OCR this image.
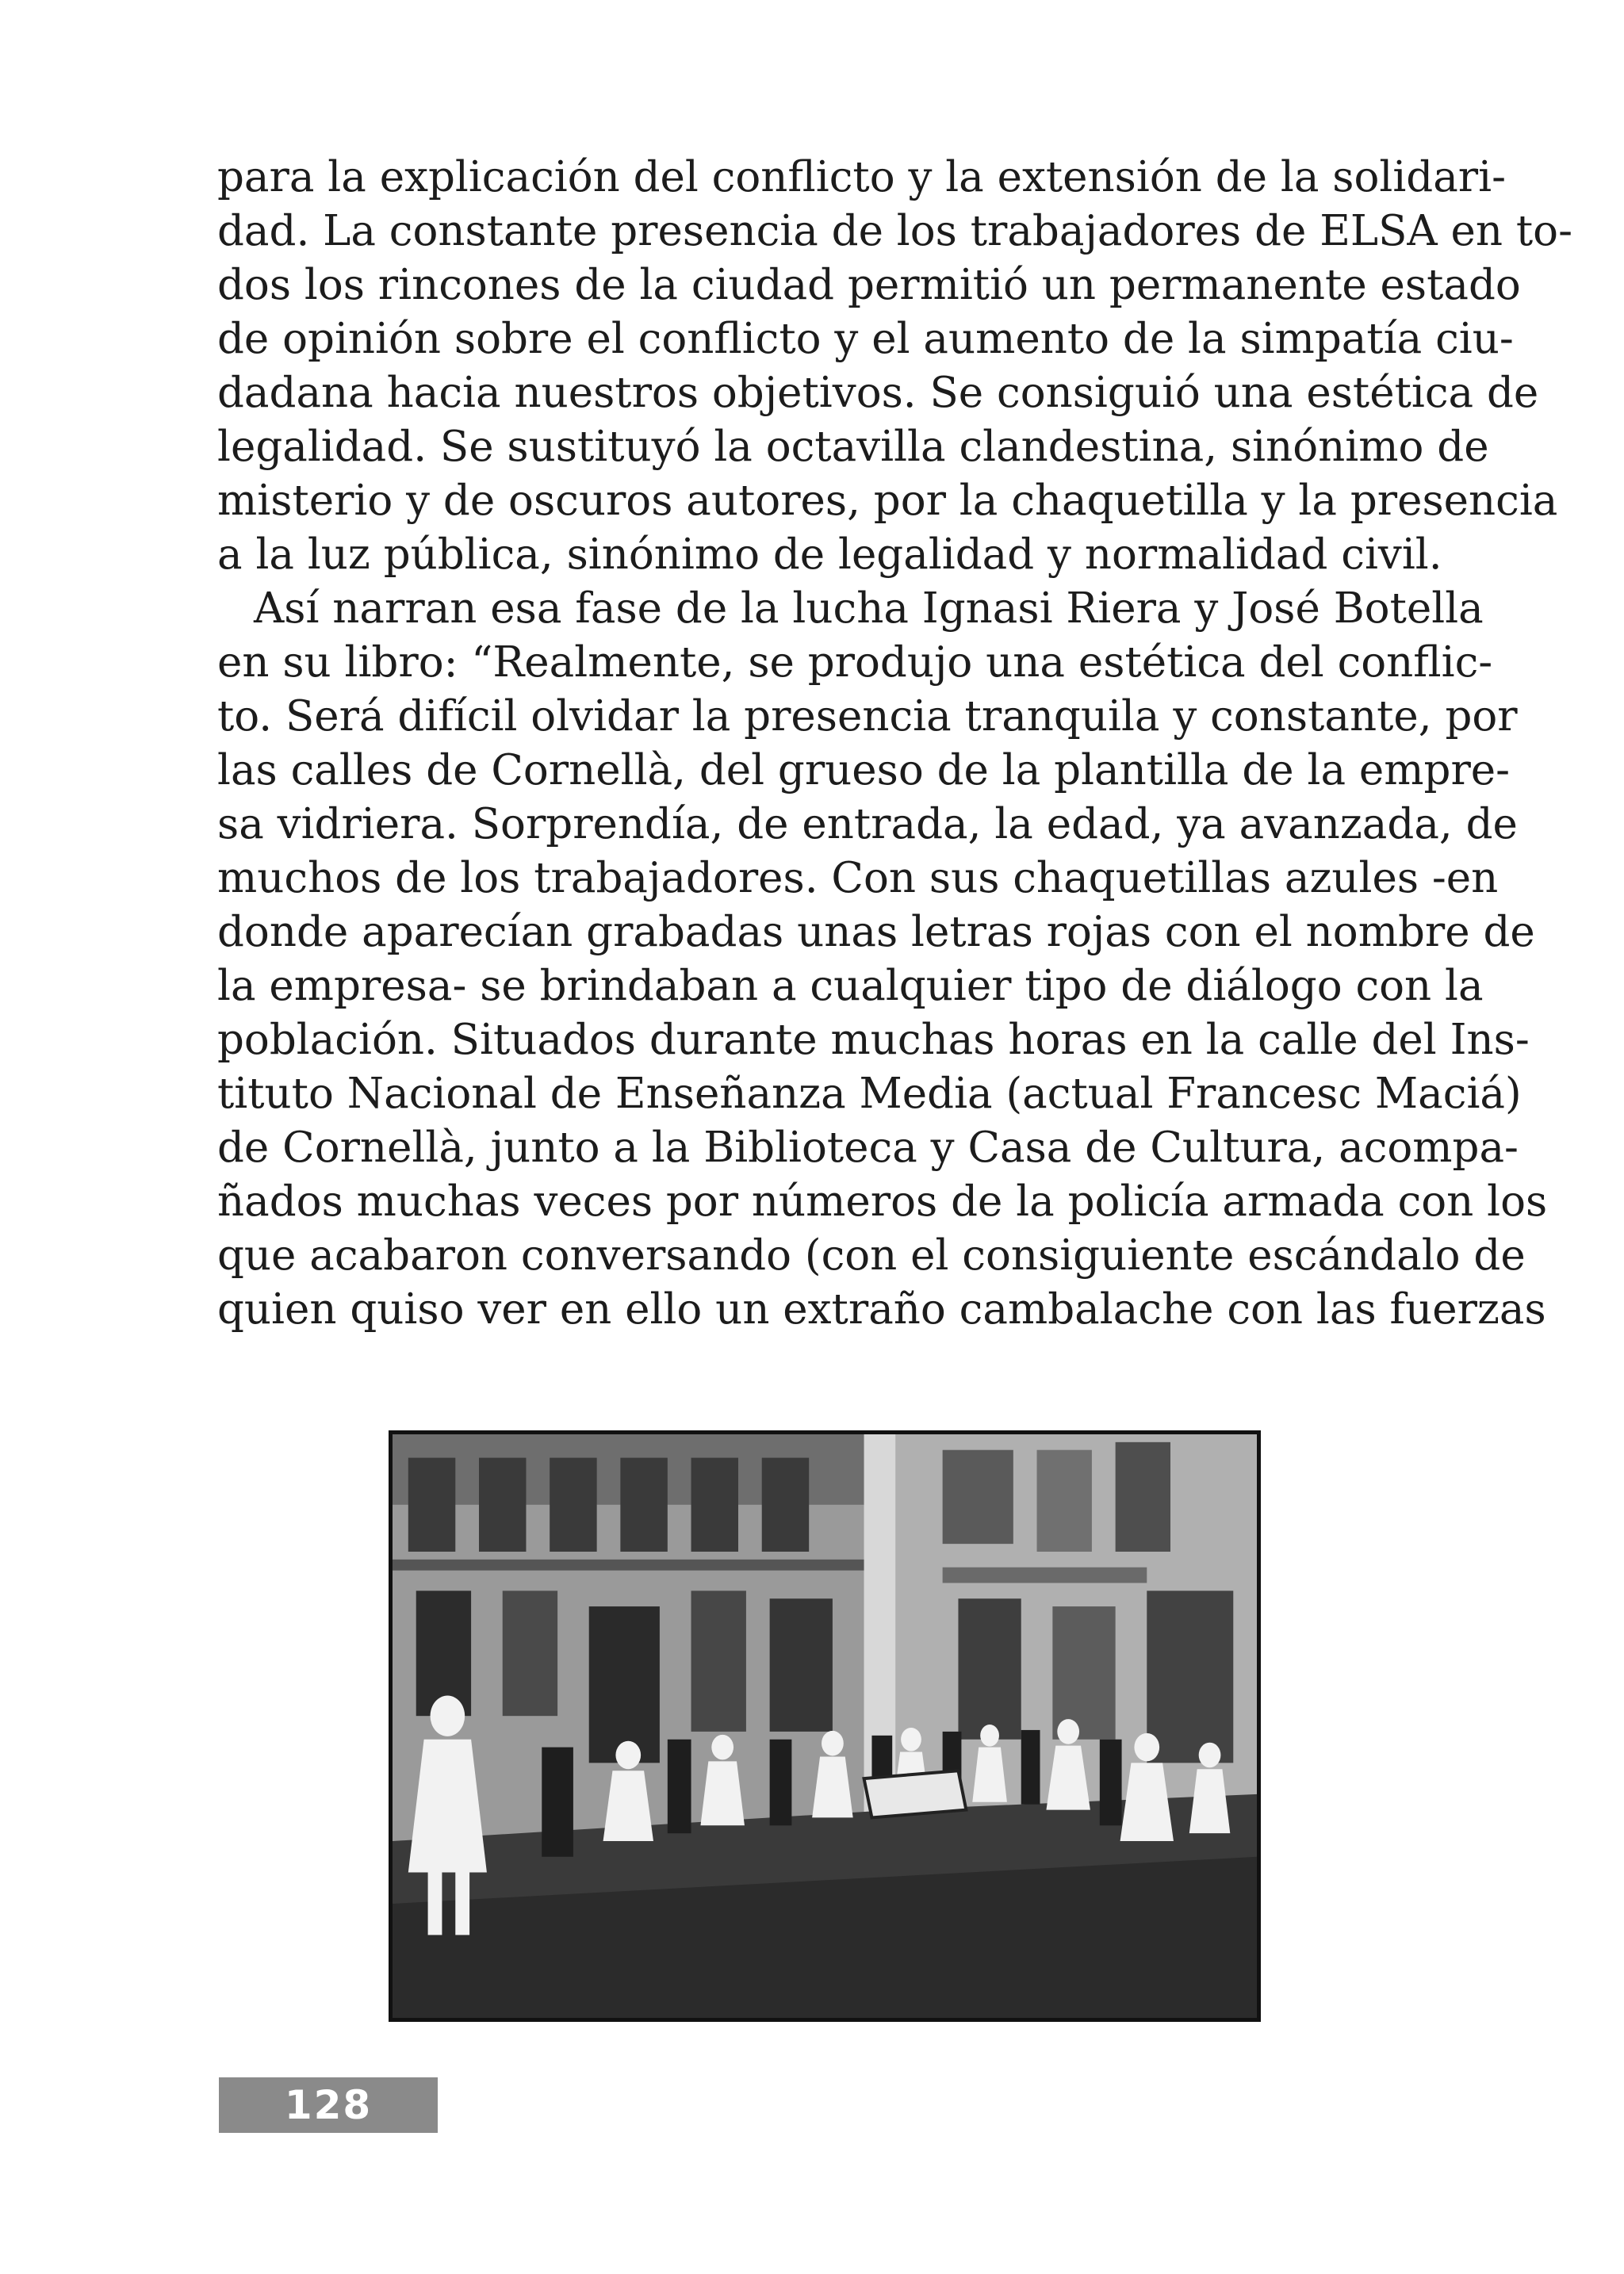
para la explicación del conflicto y la extensión de la solidari-
dad. La constante presencia de los trabajadores de ELSA en to-
dos los rincones de la ciudad permitió un permanente estado
de opinión sobre el conflicto y el aumento de la simpatía ciu-
dadana hacia nuestros objetivos. Se consiguió una estética de
legalidad. Se sustituyó la octavilla clandestina, sinónimo de
misterio y de oscuros autores, por la chaquetilla y la presencia
a la luz pública, sinónimo de legalidad y normalidad civil.
Así narran esa fase de la lucha Ignasi Riera y José Botella
en su libro: “Realmente, se produjo una estética del conflic-
to. Será difícil olvidar la presencia tranquila y constante, por
las calles de Cornellà, del grueso de la plantilla de la empre-
sa vidriera. Sorprendía, de entrada, la edad, ya avanzada, de
muchos de los trabajadores. Con sus chaquetillas azules -en
donde aparecían grabadas unas letras rojas con el nombre de
la empresa- se brindaban a cualquier tipo de diálogo con la
población. Situados durante muchas horas en la calle del Ins-
tituto Nacional de Enseñanza Media (actual Francesc Maciá)
de Cornellà, junto a la Biblioteca y Casa de Cultura, acompa-
ñados muchas veces por números de la policía armada con los
que acabaron conversando (con el consiguiente escándalo de
quien quiso ver en ello un extraño cambalache con las fuerzas
128
